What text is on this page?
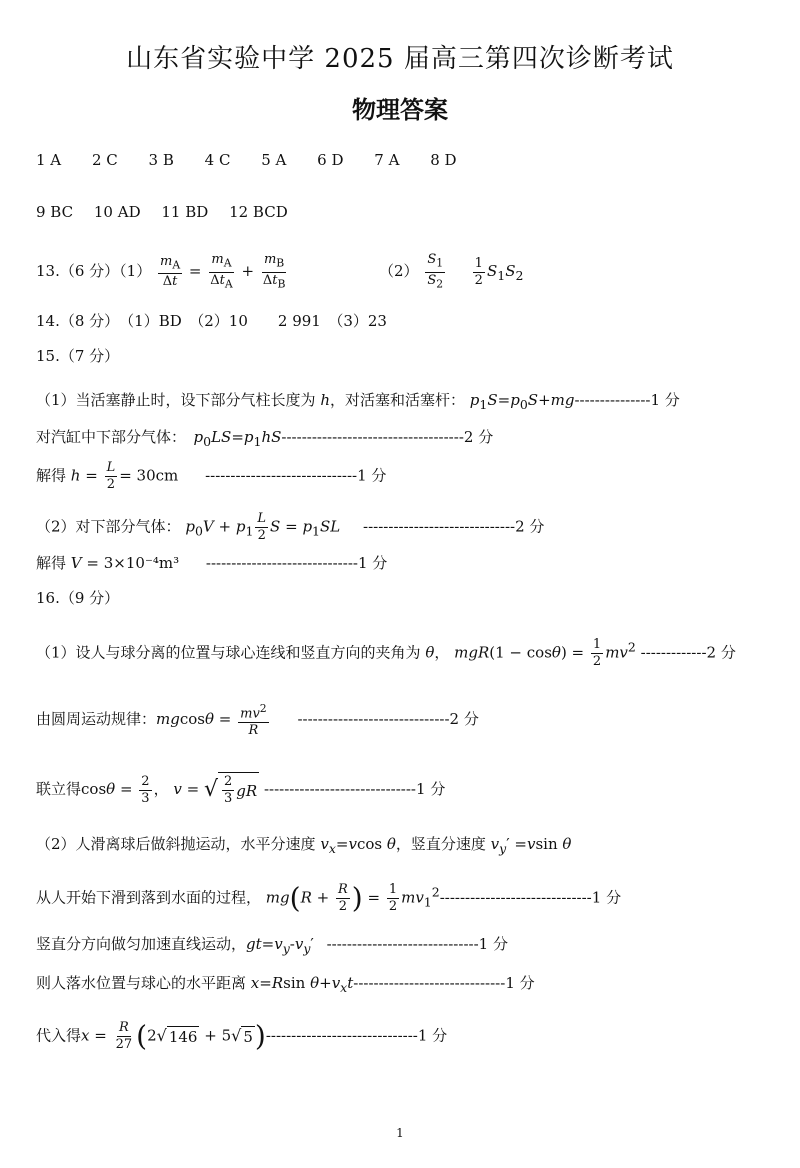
山东省实验中学 2025 届高三第四次诊断考试
物理答案
1 A 2 C 3 B 4 C 5 A 6 D 7 A 8 D
9 BC 10 AD 11 BD 12 BCD
13.（6 分）$(1) \frac{m_A}{\Delta t} = \frac{m_A}{\Delta t_A} + \frac{m_B}{\Delta t_B}$	$(2) \frac{S_1}{S_2}$
$\frac{1}{2} S_1S_2$
14.（8 分）　（1）BD　（2）10　　2 991　（3）23
15.（7 分）
（1）当活塞静止时，设下部分气柱长度为 h，对活塞和活塞杆： $p_1S=p_0S+mg---------------1$ 分
对汽缸中下部分气体：　 $p_0LS=p_1hS------------------------------------2$ 分
解得 $h = \frac{L}{2} = 30cm$ ------------------------------1 分
（2）对下部分气体： $p_0V + p_1 \frac{L}{2}$ $S = p_1SL$ ------------------------------2 分
解得 V = 3×10⁻⁴m³ ------------------------------1 分
16.（9 分）
（1）设人与球分离的位置与球心连线和竖直方向的夹角为 θ， $mgR(1 - \cos\theta) = \frac{1}{2} mv^2$ -------------2 分
由圆周运动规律：$mgcos\theta = \frac{mv^2}{R} ------------------------------2$ 分
联立得$\cos\theta = \frac{2}{3}$ ， v = √ $\frac{2}{3}$ gR ------------------------------1 分
（2）人滑离球后做斜抛运动，水平分速度 $v_x=vcos$ θ，竖直分速度 $v_y' =vsin$ θ
从人开始下滑到落到水面的过程， $mg(R + \frac{R}{2}$ ) = $\frac{1}{2} mv_1^2------------------------------1$ 分
竖直分方向做匀加速直线运动，$gt=v_y-v_y'$ ------------------------------1 分
则人落水位置与球心的水平距离 x=Rsin $\theta+v_xt------------------------------1$ 分
代入得$x = \frac{R}{27} (2$ √ 146 + 5 √ 5 )------------------------------1 分
1
